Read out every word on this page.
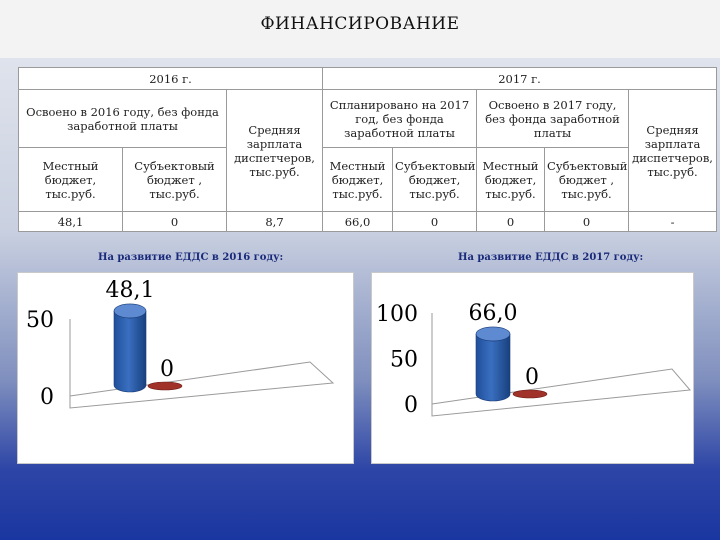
ФИНАНСИРОВАНИЕ
2016 г.			2017 г.				
Освоено в 2016 году, без фонда заработной платы		Средняя зарплата диспетчеров, тыс.руб.	Спланировано на 2017 год, без фонда заработной платы		Освоено в 2017 году, без фонда заработной платы		Средняя зарплата диспетчеров, тыс.руб.
Местный бюджет, тыс.руб.	Субъектовый бюджет , тыс.руб.		Местный бюджет, тыс.руб.	Субъектовый бюджет, тыс.руб.	Местный бюджет, тыс.руб.	Субъектовый бюджет , тыс.руб.	
48,1	0	8,7	66,0	0	0	0	-
На развитие ЕДДС в 2016 году:	На развитие ЕДДС в 2017 году:
0
50
48,1
0
0
50
100 66,0
0
